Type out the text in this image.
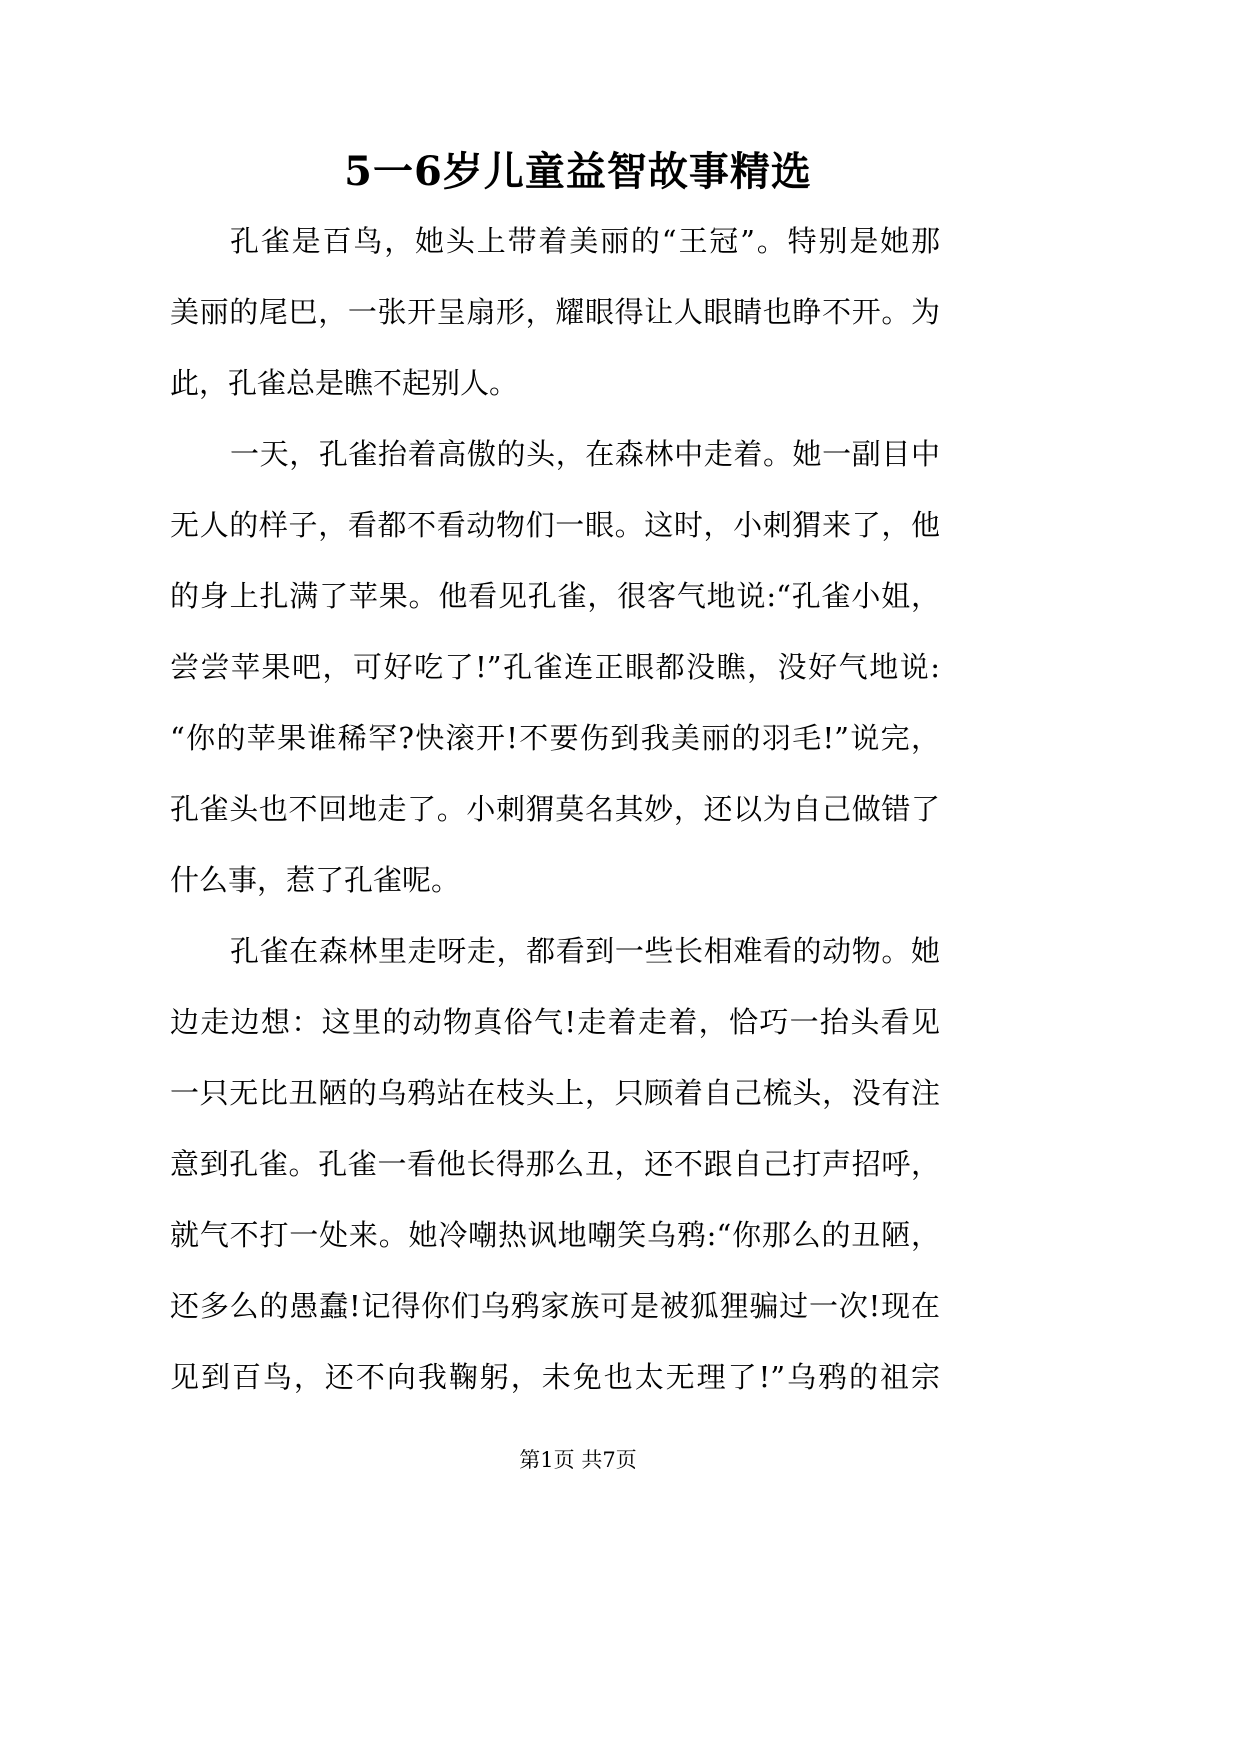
5一6岁儿童益智故事精选
孔雀是百鸟，她头上带着美丽的“王冠”。特别是她那
美丽的尾巴，一张开呈扇形，耀眼得让人眼睛也睁不开。为
此，孔雀总是瞧不起别人。
一天，孔雀抬着高傲的头，在森林中走着。她一副目中
无人的样子，看都不看动物们一眼。这时，小刺猬来了，他
的身上扎满了苹果。他看见孔雀，很客气地说:“孔雀小姐，
尝尝苹果吧，可好吃了!”孔雀连正眼都没瞧，没好气地说:
“你的苹果谁稀罕?快滚开!不要伤到我美丽的羽毛!”说完，
孔雀头也不回地走了。小刺猬莫名其妙，还以为自己做错了
什么事，惹了孔雀呢。
孔雀在森林里走呀走，都看到一些长相难看的动物。她
边走边想：这里的动物真俗气!走着走着，恰巧一抬头看见
一只无比丑陋的乌鸦站在枝头上，只顾着自己梳头，没有注
意到孔雀。孔雀一看他长得那么丑，还不跟自己打声招呼，
就气不打一处来。她冷嘲热讽地嘲笑乌鸦:“你那么的丑陋，
还多么的愚蠢!记得你们乌鸦家族可是被狐狸骗过一次!现在
见到百鸟，还不向我鞠躬，未免也太无理了!”乌鸦的祖宗
第1页 共7页
